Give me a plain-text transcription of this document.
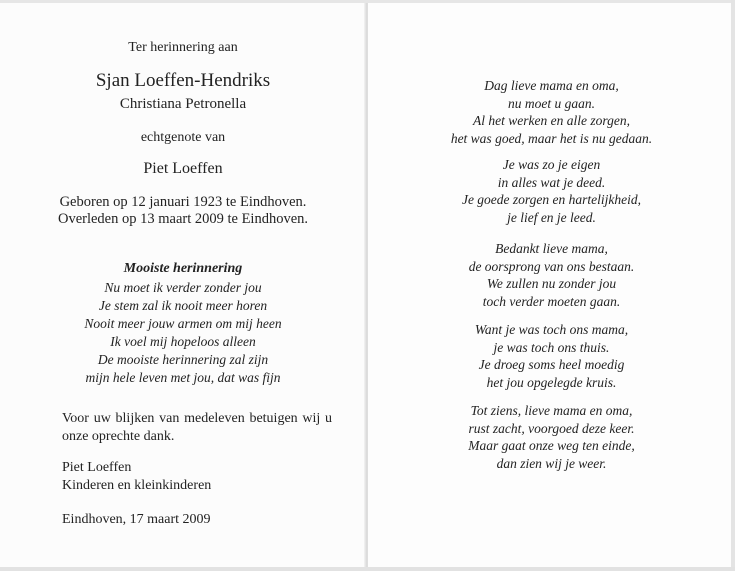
Ter herinnering aan
Sjan Loeffen-Hendriks
Christiana Petronella
echtgenote van
Piet Loeffen
Geboren op 12 januari 1923 te Eindhoven.
Overleden op 13 maart 2009 te Eindhoven.
Mooiste herinnering
Nu moet ik verder zonder jou
Je stem zal ik nooit meer horen
Nooit meer jouw armen om mij heen
Ik voel mij hopeloos alleen
De mooiste herinnering zal zijn
mijn hele leven met jou, dat was fijn
Voor uw blijken van medeleven betuigen wij u onze oprechte dank.
Piet Loeffen
Kinderen en kleinkinderen
Eindhoven, 17 maart 2009
Dag lieve mama en oma,
nu moet u gaan.
Al het werken en alle zorgen,
het was goed, maar het is nu gedaan.
Je was zo je eigen
in alles wat je deed.
Je goede zorgen en hartelijkheid,
je lief en je leed.
Bedankt lieve mama,
de oorsprong van ons bestaan.
We zullen nu zonder jou
toch verder moeten gaan.
Want je was toch ons mama,
je was toch ons thuis.
Je droeg soms heel moedig
het jou opgelegde kruis.
Tot ziens, lieve mama en oma,
rust zacht, voorgoed deze keer.
Maar gaat onze weg ten einde,
dan zien wij je weer.
